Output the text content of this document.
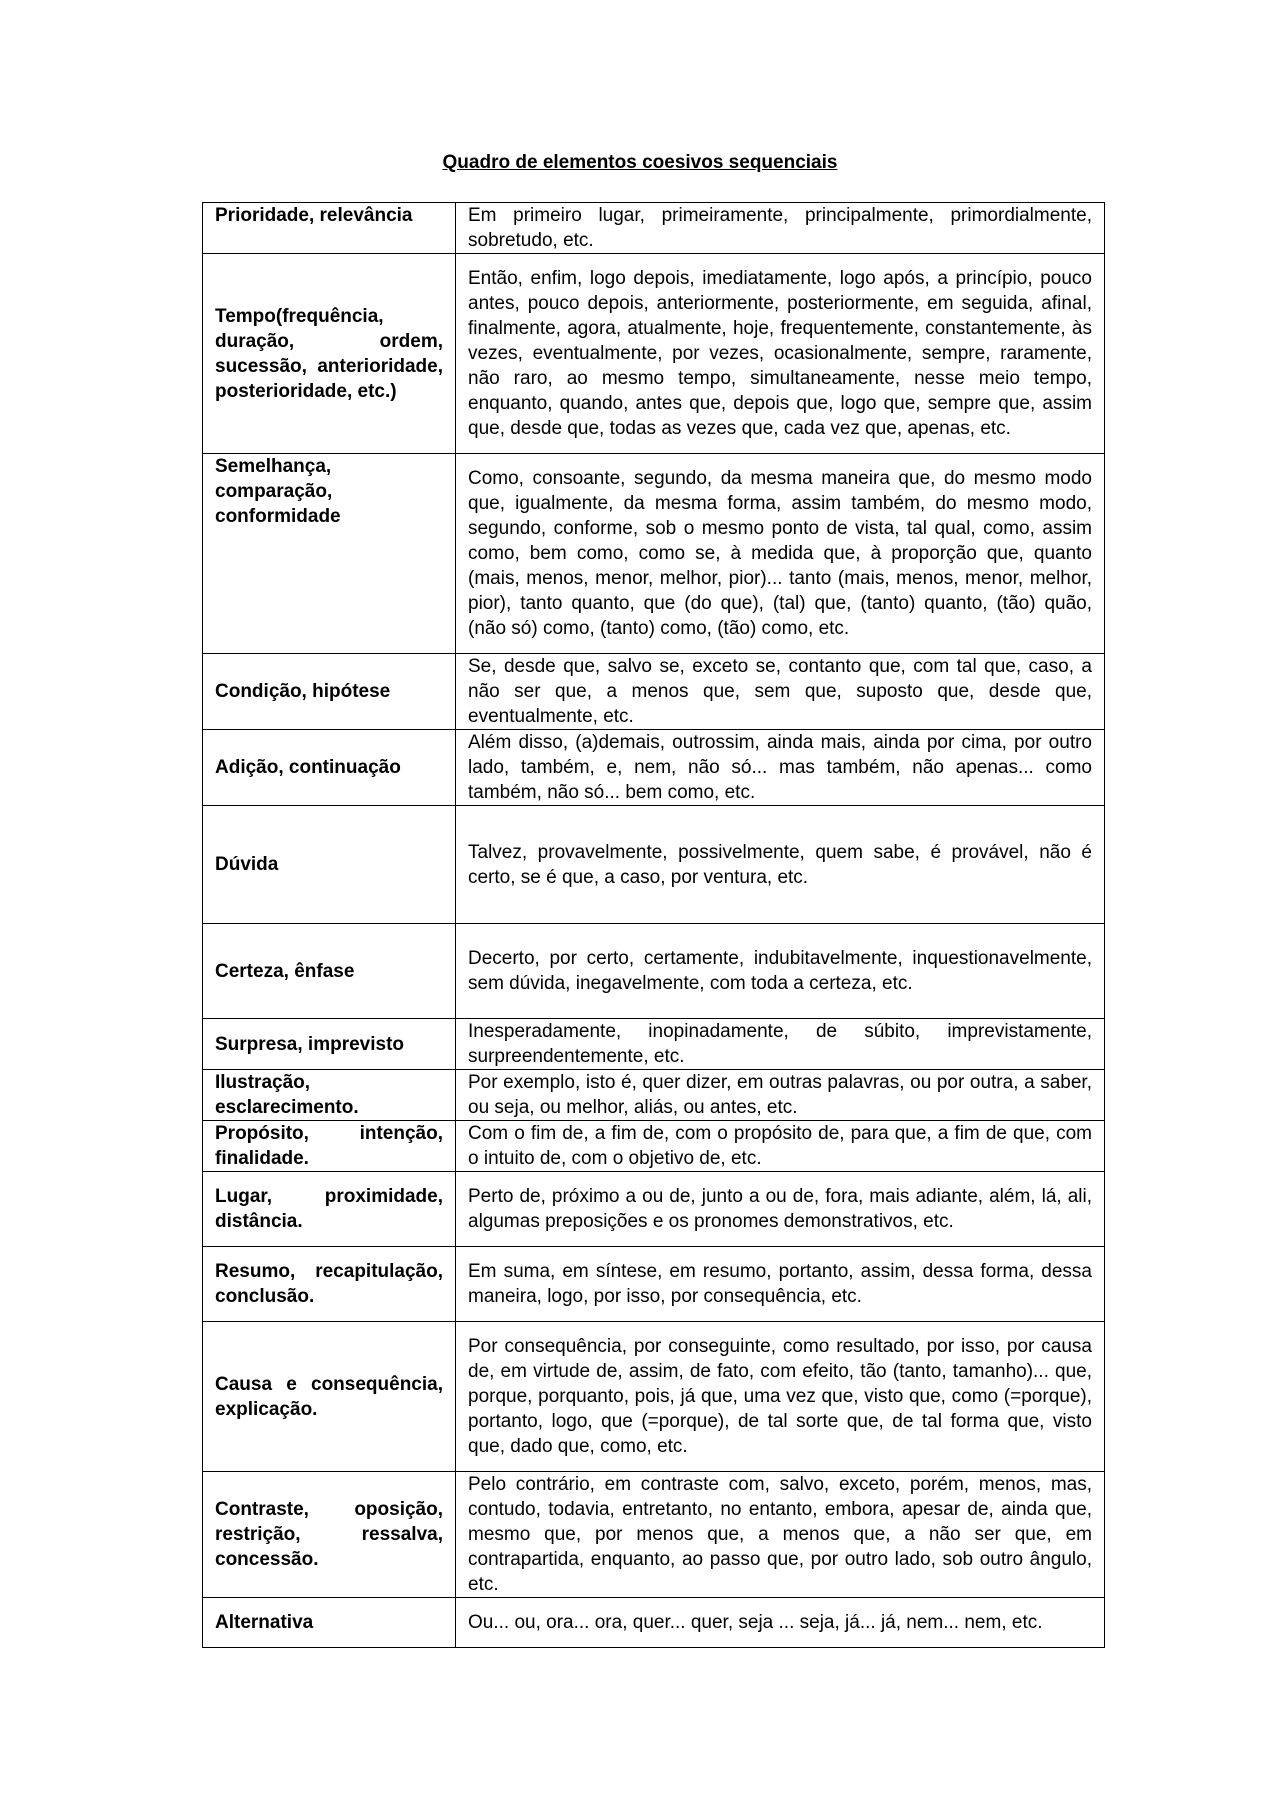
Quadro de elementos coesivos sequenciais
Prioridade, relevância	Em primeiro lugar, primeiramente, principalmente, primordialmente, sobretudo, etc.
Tempo(frequência, duração, ordem, sucessão, anterioridade, posterioridade, etc.)	Então, enfim, logo depois, imediatamente, logo após, a princípio, pouco antes, pouco depois, anteriormente, posteriormente, em seguida, afinal, finalmente, agora, atualmente, hoje, frequentemente, constantemente, às vezes, eventualmente, por vezes, ocasionalmente, sempre, raramente, não raro, ao mesmo tempo, simultaneamente, nesse meio tempo, enquanto, quando, antes que, depois que, logo que, sempre que, assim que, desde que, todas as vezes que, cada vez que, apenas, etc.
Semelhança, comparação, conformidade	Como, consoante, segundo, da mesma maneira que, do mesmo modo que, igualmente, da mesma forma, assim também, do mesmo modo, segundo, conforme, sob o mesmo ponto de vista, tal qual, como, assim como, bem como, como se, à medida que, à proporção que, quanto (mais, menos, menor, melhor, pior)... tanto (mais, menos, menor, melhor, pior), tanto quanto, que (do que), (tal) que, (tanto) quanto, (tão) quão, (não só) como, (tanto) como, (tão) como, etc.
Condição, hipótese	Se, desde que, salvo se, exceto se, contanto que, com tal que, caso, a não ser que, a menos que, sem que, suposto que, desde que, eventualmente, etc.
Adição, continuação	Além disso, (a)demais, outrossim, ainda mais, ainda por cima, por outro lado, também, e, nem, não só... mas também, não apenas... como também, não só... bem como, etc.
Dúvida	Talvez, provavelmente, possivelmente, quem sabe, é provável, não é certo, se é que, a caso, por ventura, etc.
Certeza, ênfase	Decerto, por certo, certamente, indubitavelmente, inquestionavelmente, sem dúvida, inegavelmente, com toda a certeza, etc.
Surpresa, imprevisto	Inesperadamente, inopinadamente, de súbito, imprevistamente, surpreendentemente, etc.
Ilustração, esclarecimento.	Por exemplo, isto é, quer dizer, em outras palavras, ou por outra, a saber, ou seja, ou melhor, aliás, ou antes, etc.
Propósito, intenção, finalidade.	Com o fim de, a fim de, com o propósito de, para que, a fim de que, com o intuito de, com o objetivo de, etc.
Lugar, proximidade, distância.	Perto de, próximo a ou de, junto a ou de, fora, mais adiante, além, lá, ali, algumas preposições e os pronomes demonstrativos, etc.
Resumo, recapitulação, conclusão.	Em suma, em síntese, em resumo, portanto, assim, dessa forma, dessa maneira, logo, por isso, por consequência, etc.
Causa e consequência, explicação.	Por consequência, por conseguinte, como resultado, por isso, por causa de, em virtude de, assim, de fato, com efeito, tão (tanto, tamanho)... que, porque, porquanto, pois, já que, uma vez que, visto que, como (=porque), portanto, logo, que (=porque), de tal sorte que, de tal forma que, visto que, dado que, como, etc.
Contraste, oposição, restrição, ressalva, concessão.	Pelo contrário, em contraste com, salvo, exceto, porém, menos, mas, contudo, todavia, entretanto, no entanto, embora, apesar de, ainda que, mesmo que, por menos que, a menos que, a não ser que, em contrapartida, enquanto, ao passo que, por outro lado, sob outro ângulo, etc.
Alternativa	Ou... ou, ora... ora, quer... quer, seja ... seja, já... já, nem... nem, etc.
